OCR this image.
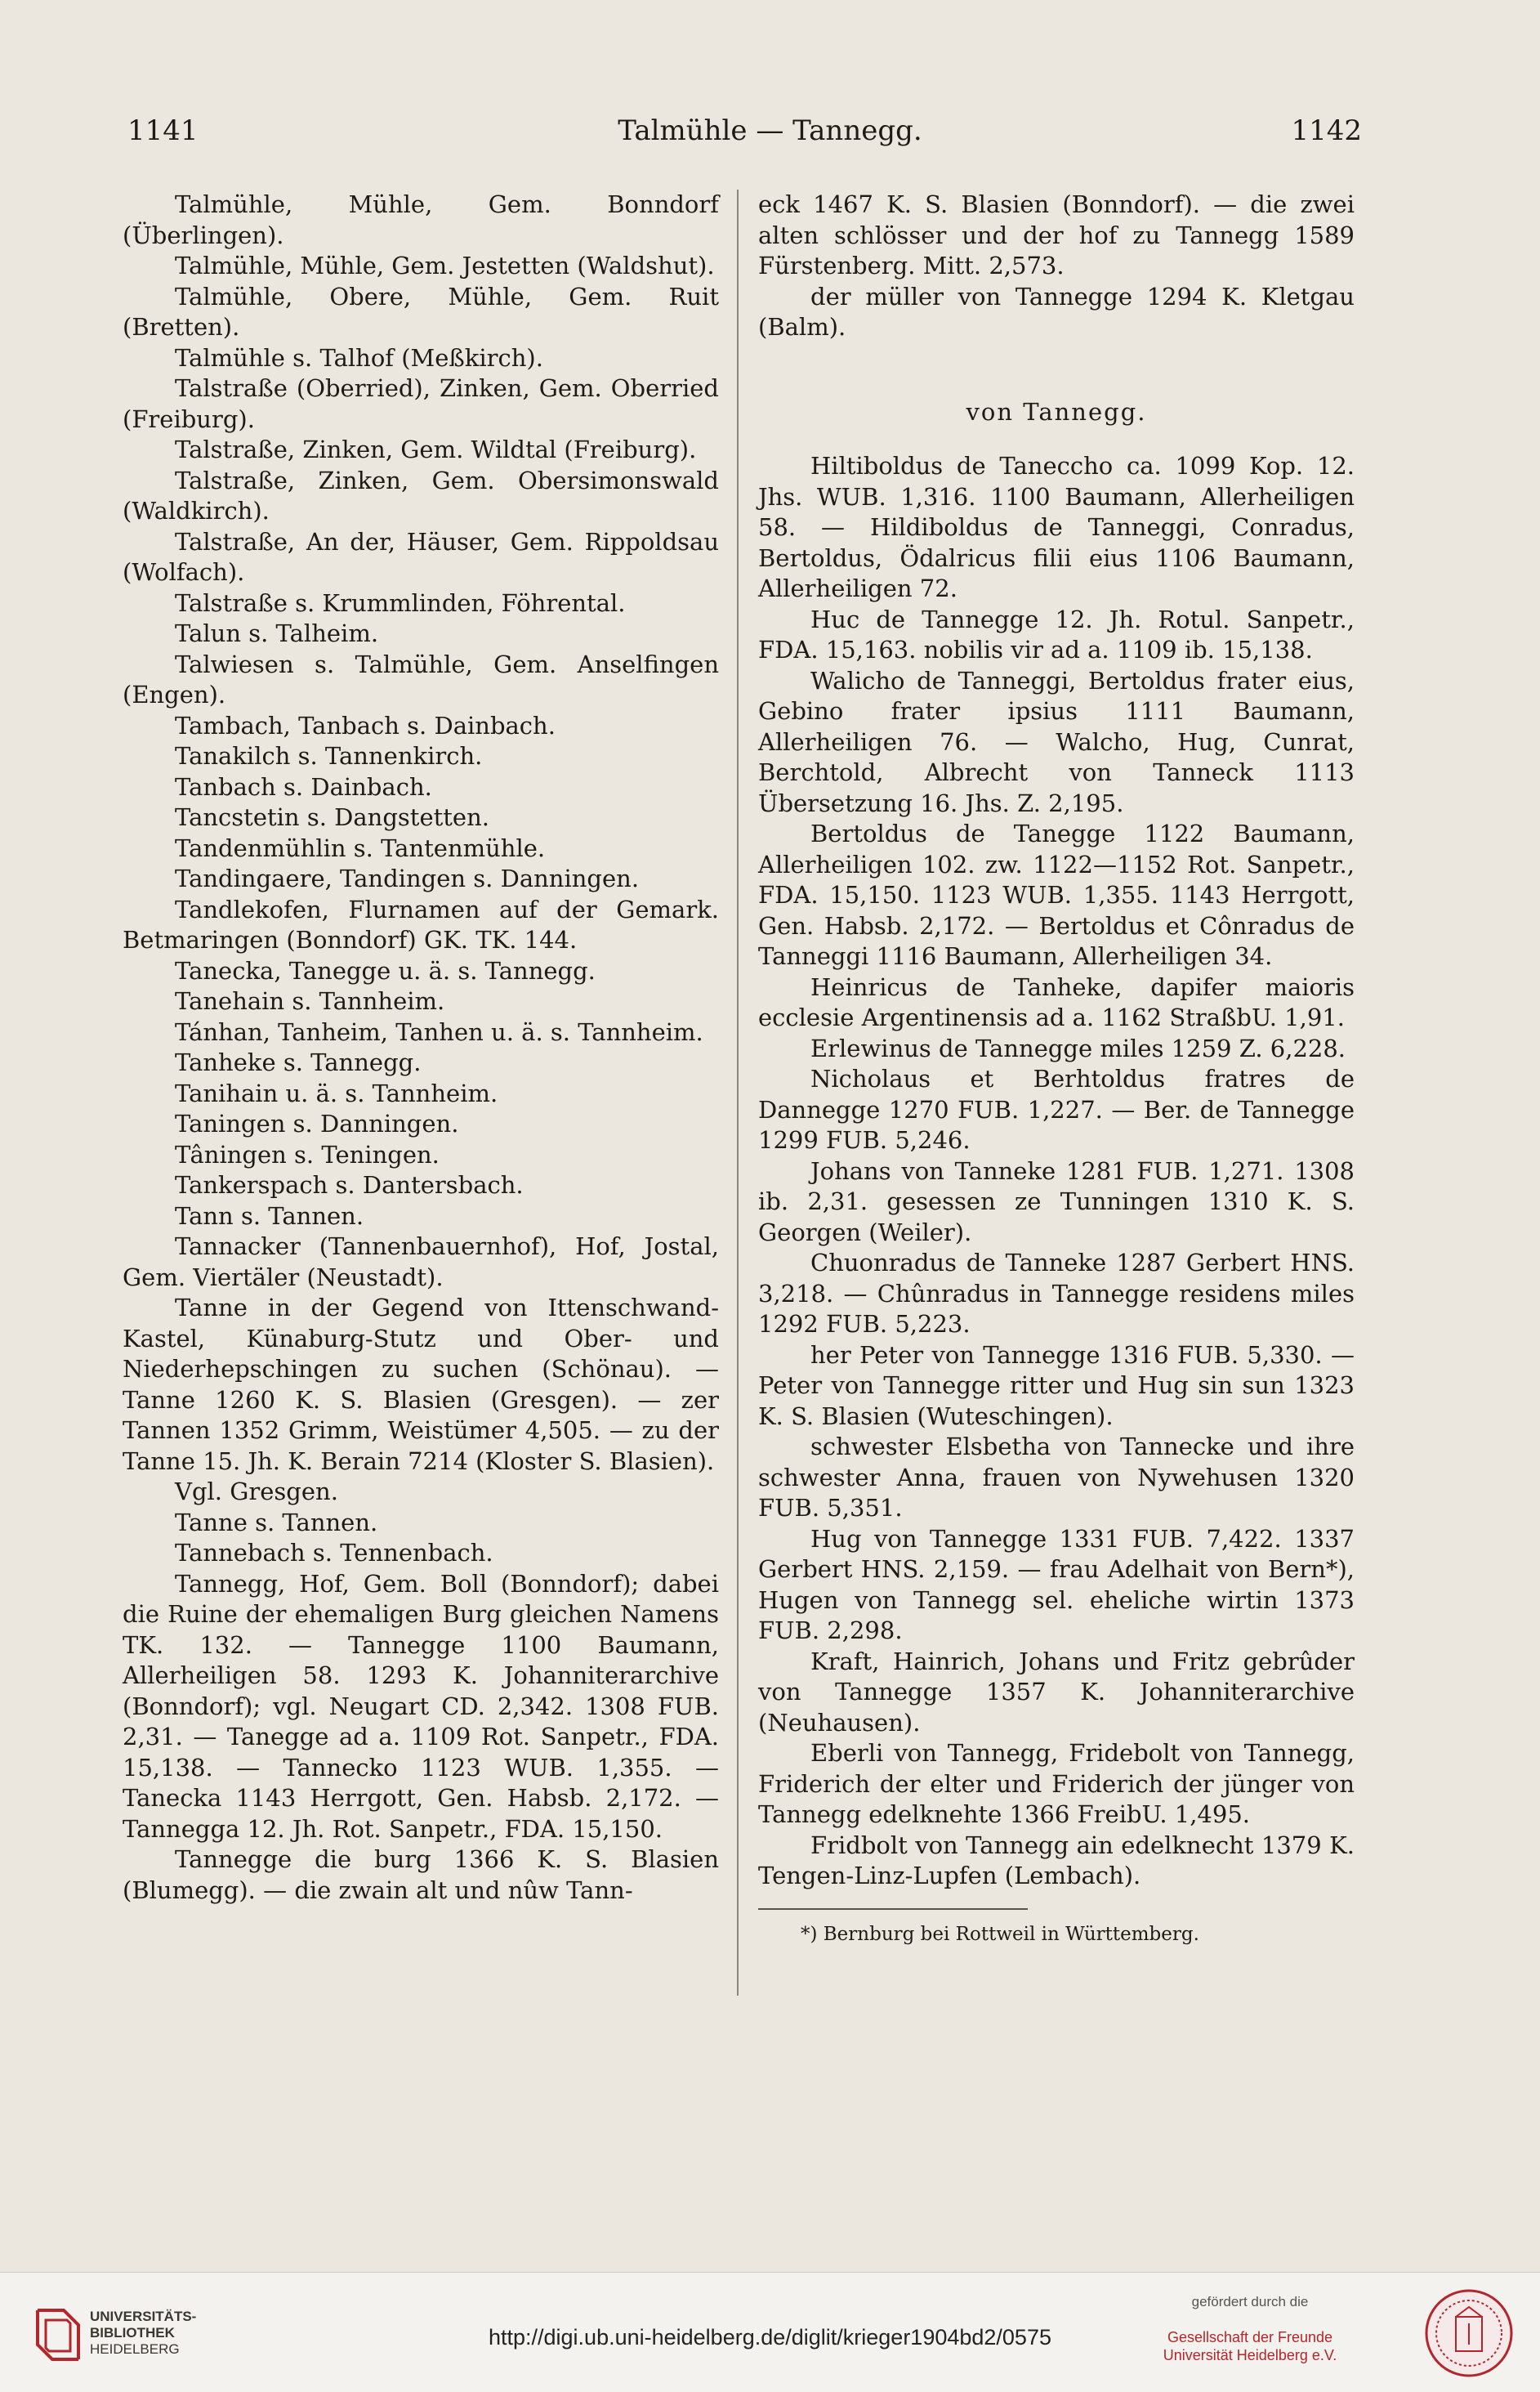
1141	Talmühle — Tannegg.	1142

Talmühle, Mühle, Gem. Bonndorf (Überlingen).

Talmühle, Mühle, Gem. Jestetten (Waldshut).

Talmühle, Obere, Mühle, Gem. Ruit (Bretten).

Talmühle s. Talhof (Meßkirch).

Talstraße (Oberried), Zinken, Gem. Oberried (Freiburg).

Talstraße, Zinken, Gem. Wildtal (Freiburg).

Talstraße, Zinken, Gem. Obersimonswald (Waldkirch).

Talstraße, An der, Häuser, Gem. Rippoldsau (Wolfach).

Talstraße s. Krummlinden, Föhrental.

Talun s. Talheim.

Talwiesen s. Talmühle, Gem. Anselfingen (Engen).

Tambach, Tanbach s. Dainbach.

Tanakilch s. Tannenkirch.

Tanbach s. Dainbach.

Tancstetin s. Dangstetten.

Tandenmühlin s. Tantenmühle.

Tandingaere, Tandingen s. Danningen.

Tandlekofen, Flurnamen auf der Gemark. Betmaringen (Bonndorf) GK. TK. 144.

Tanecka, Tanegge u. ä. s. Tannegg.

Tanehain s. Tannheim.

Tánhan, Tanheim, Tanhen u. ä. s. Tannheim.

Tanheke s. Tannegg.

Tanihain u. ä. s. Tannheim.

Taningen s. Danningen.

Tâningen s. Teningen.

Tankerspach s. Dantersbach.

Tann s. Tannen.

Tannacker (Tannenbauernhof), Hof, Jostal, Gem. Viertäler (Neustadt).

Tanne in der Gegend von Ittenschwand-Kastel, Künaburg-Stutz und Ober- und Niederhepschingen zu suchen (Schönau). — Tanne 1260 K. S. Blasien (Gresgen). — zer Tannen 1352 Grimm, Weistümer 4,505. — zu der Tanne 15. Jh. K. Berain 7214 (Kloster S. Blasien).

Vgl. Gresgen.

Tanne s. Tannen.

Tannebach s. Tennenbach.

Tannegg, Hof, Gem. Boll (Bonndorf); dabei die Ruine der ehemaligen Burg gleichen Namens TK. 132. — Tannegge 1100 Baumann, Allerheiligen 58. 1293 K. Johanniterarchive (Bonndorf); vgl. Neugart CD. 2,342. 1308 FUB. 2,31. — Tanegge ad a. 1109 Rot. Sanpetr., FDA. 15,138. — Tannecko 1123 WUB. 1,355. — Tanecka 1143 Herrgott, Gen. Habsb. 2,172. — Tannegga 12. Jh. Rot. Sanpetr., FDA. 15,150.

Tannegge die burg 1366 K. S. Blasien (Blumegg). — die zwain alt und nûw Tann-

eck 1467 K. S. Blasien (Bonndorf). — die zwei alten schlösser und der hof zu Tannegg 1589 Fürstenberg. Mitt. 2,573.

der müller von Tannegge 1294 K. Kletgau (Balm).

von Tannegg.

Hiltiboldus de Taneccho ca. 1099 Kop. 12. Jhs. WUB. 1,316. 1100 Baumann, Allerheiligen 58. — Hildiboldus de Tanneggi, Conradus, Bertoldus, Ödalricus filii eius 1106 Baumann, Allerheiligen 72.

Huc de Tannegge 12. Jh. Rotul. Sanpetr., FDA. 15,163. nobilis vir ad a. 1109 ib. 15,138.

Walicho de Tanneggi, Bertoldus frater eius, Gebino frater ipsius 1111 Baumann, Allerheiligen 76. — Walcho, Hug, Cunrat, Berchtold, Albrecht von Tanneck 1113 Übersetzung 16. Jhs. Z. 2,195.

Bertoldus de Tanegge 1122 Baumann, Allerheiligen 102. zw. 1122—1152 Rot. Sanpetr., FDA. 15,150. 1123 WUB. 1,355. 1143 Herrgott, Gen. Habsb. 2,172. — Bertoldus et Cônradus de Tanneggi 1116 Baumann, Allerheiligen 34.

Heinricus de Tanheke, dapifer maioris ecclesie Argentinensis ad a. 1162 StraßbU. 1,91.

Erlewinus de Tannegge miles 1259 Z. 6,228.

Nicholaus et Berhtoldus fratres de Dannegge 1270 FUB. 1,227. — Ber. de Tannegge 1299 FUB. 5,246.

Johans von Tanneke 1281 FUB. 1,271. 1308 ib. 2,31. gesessen ze Tunningen 1310 K. S. Georgen (Weiler).

Chuonradus de Tanneke 1287 Gerbert HNS. 3,218. — Chûnradus in Tannegge residens miles 1292 FUB. 5,223.

her Peter von Tannegge 1316 FUB. 5,330. — Peter von Tannegge ritter und Hug sin sun 1323 K. S. Blasien (Wuteschingen).

schwester Elsbetha von Tannecke und ihre schwester Anna, frauen von Nywehusen 1320 FUB. 5,351.

Hug von Tannegge 1331 FUB. 7,422. 1337 Gerbert HNS. 2,159. — frau Adelhait von Bern*), Hugen von Tannegg sel. eheliche wirtin 1373 FUB. 2,298.

Kraft, Hainrich, Johans und Fritz gebrûder von Tannegge 1357 K. Johanniterarchive (Neuhausen).

Eberli von Tannegg, Fridebolt von Tannegg, Friderich der elter und Friderich der jünger von Tannegg edelknehte 1366 FreibU. 1,495.

Fridbolt von Tannegg ain edelknecht 1379 K. Tengen-Linz-Lupfen (Lembach).

*) Bernburg bei Rottweil in Württemberg.

UNIVERSITÄTS-
BIBLIOTHEK
HEIDELBERG	http://digi.ub.uni-heidelberg.de/diglit/krieger1904bd2/0575
gefördert durch die
Gesellschaft der Freunde
Universität Heidelberg e.V.
